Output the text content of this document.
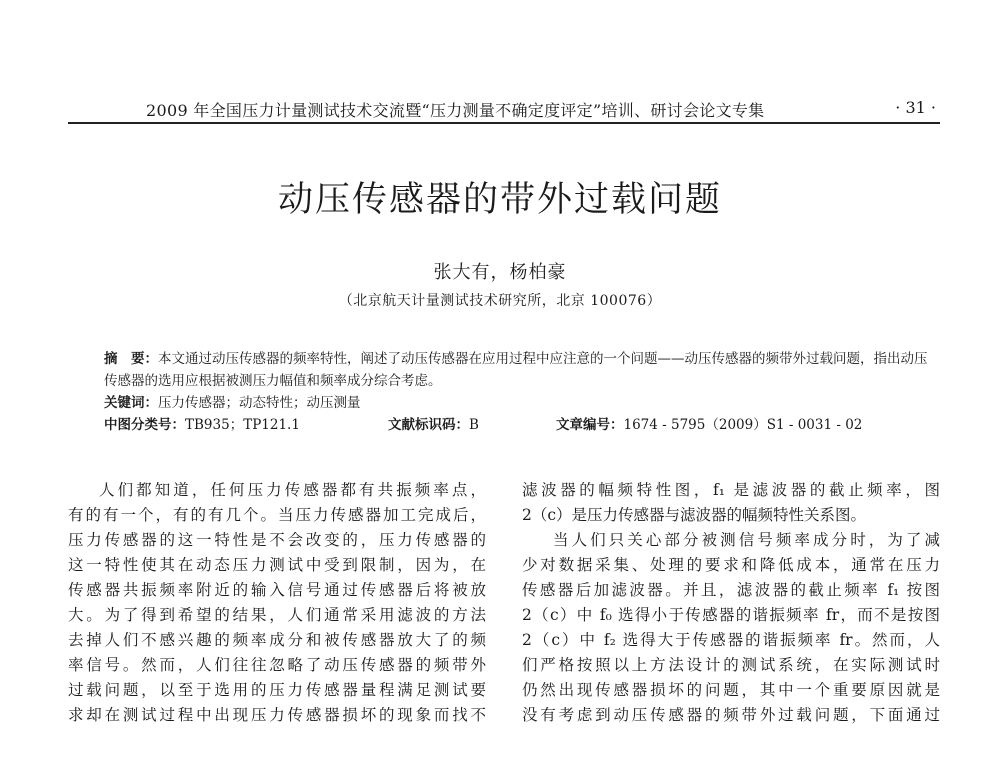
2009 年全国压力计量测试技术交流暨“压力测量不确定度评定”培训、研讨会论文专集	· 31 ·
动压传感器的带外过载问题
张大有，杨柏豪
（北京航天计量测试技术研究所，北京 100076）

摘　要：本文通过动压传感器的频率特性，阐述了动压传感器在应用过程中应注意的一个问题——动压传感器的频带外过载问题，指出动压传感器的选用应根据被测压力幅值和频率成分综合考虑。

关键词：压力传感器；动态特性；动压测量

中图分类号：TB935；TP121.1	文献标识码：B	文章编号：1674 - 5795（2009）S1 - 0031 - 02
人们都知道，任何压力传感器都有共振频率点，
有的有一个，有的有几个。当压力传感器加工完成后，
压力传感器的这一特性是不会改变的，压力传感器的
这一特性使其在动态压力测试中受到限制，因为，在
传感器共振频率附近的输入信号通过传感器后将被放
大。为了得到希望的结果，人们通常采用滤波的方法
去掉人们不感兴趣的频率成分和被传感器放大了的频
率信号。然而，人们往往忽略了动压传感器的频带外
过载问题，以至于选用的压力传感器量程满足测试要
求却在测试过程中出现压力传感器损坏的现象而找不
滤波器的幅频特性图，f₁ 是滤波器的截止频率，图
2（c）是压力传感器与滤波器的幅频特性关系图。
当人们只关心部分被测信号频率成分时，为了减
少对数据采集、处理的要求和降低成本，通常在压力
传感器后加滤波器。并且，滤波器的截止频率 f₁ 按图
2（c）中 f₀ 选得小于传感器的谐振频率 fr，而不是按图
2（c）中 f₂ 选得大于传感器的谐振频率 fr。然而，人
们严格按照以上方法设计的测试系统，在实际测试时
仍然出现传感器损坏的问题，其中一个重要原因就是
没有考虑到动压传感器的频带外过载问题，下面通过
